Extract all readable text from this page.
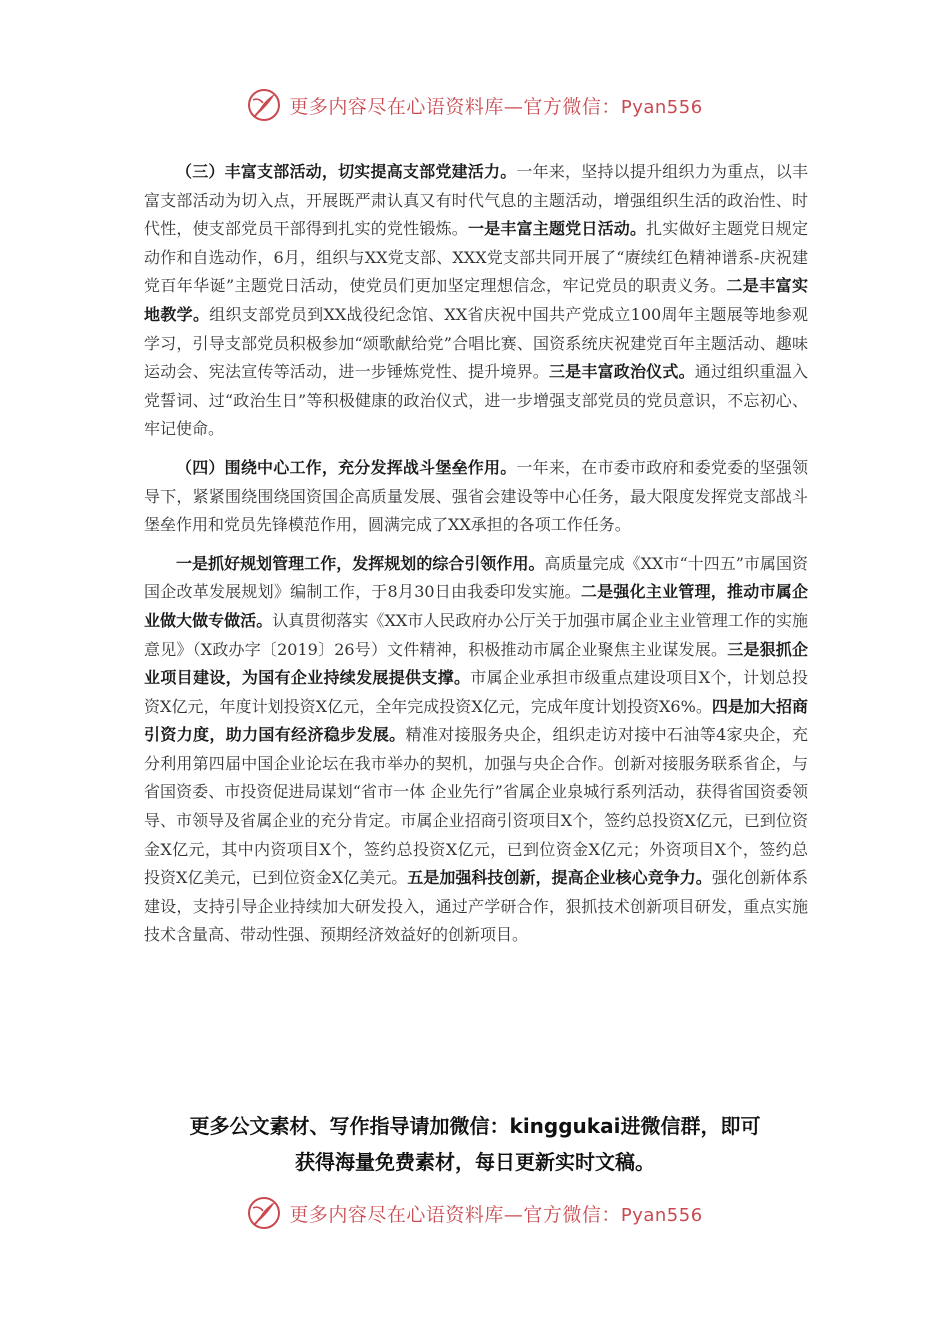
更多内容尽在心语资料库—官方微信：Pyan556

（三）丰富支部活动，切实提高支部党建活力。一年来，坚持以提升组织力为重点，以丰富支部活动为切入点，开展既严肃认真又有时代气息的主题活动，增强组织生活的政治性、时代性，使支部党员干部得到扎实的党性锻炼。一是丰富主题党日活动。扎实做好主题党日规定动作和自选动作，6月，组织与XX党支部、XXX党支部共同开展了“赓续红色精神谱系-庆祝建党百年华诞”主题党日活动，使党员们更加坚定理想信念，牢记党员的职责义务。二是丰富实地教学。组织支部党员到XX战役纪念馆、XX省庆祝中国共产党成立100周年主题展等地参观学习，引导支部党员积极参加“颂歌献给党”合唱比赛、国资系统庆祝建党百年主题活动、趣味运动会、宪法宣传等活动，进一步锤炼党性、提升境界。三是丰富政治仪式。通过组织重温入党誓词、过“政治生日”等积极健康的政治仪式，进一步增强支部党员的党员意识，不忘初心、牢记使命。

（四）围绕中心工作，充分发挥战斗堡垒作用。一年来，在市委市政府和委党委的坚强领导下，紧紧围绕围绕国资国企高质量发展、强省会建设等中心任务，最大限度发挥党支部战斗堡垒作用和党员先锋模范作用，圆满完成了XX承担的各项工作任务。

一是抓好规划管理工作，发挥规划的综合引领作用。高质量完成《XX市“十四五”市属国资国企改革发展规划》编制工作，于8月30日由我委印发实施。二是强化主业管理，推动市属企业做大做专做活。认真贯彻落实《XX市人民政府办公厅关于加强市属企业主业管理工作的实施意见》（X政办字〔2019〕26号）文件精神，积极推动市属企业聚焦主业谋发展。三是狠抓企业项目建设，为国有企业持续发展提供支撑。市属企业承担市级重点建设项目X个，计划总投资X亿元，年度计划投资X亿元，全年完成投资X亿元，完成年度计划投资X6%。四是加大招商引资力度，助力国有经济稳步发展。精准对接服务央企，组织走访对接中石油等4家央企，充分利用第四届中国企业论坛在我市举办的契机，加强与央企合作。创新对接服务联系省企，与省国资委、市投资促进局谋划“省市一体 企业先行”省属企业泉城行系列活动，获得省国资委领导、市领导及省属企业的充分肯定。市属企业招商引资项目X个，签约总投资X亿元，已到位资金X亿元，其中内资项目X个，签约总投资X亿元，已到位资金X亿元；外资项目X个，签约总投资X亿美元，已到位资金X亿美元。五是加强科技创新，提高企业核心竞争力。强化创新体系建设，支持引导企业持续加大研发投入，通过产学研合作，狠抓技术创新项目研发，重点实施技术含量高、带动性强、预期经济效益好的创新项目。

更多公文素材、写作指导请加微信：kinggukai进微信群，即可
获得海量免费素材，每日更新实时文稿。
更多内容尽在心语资料库—官方微信：Pyan556
